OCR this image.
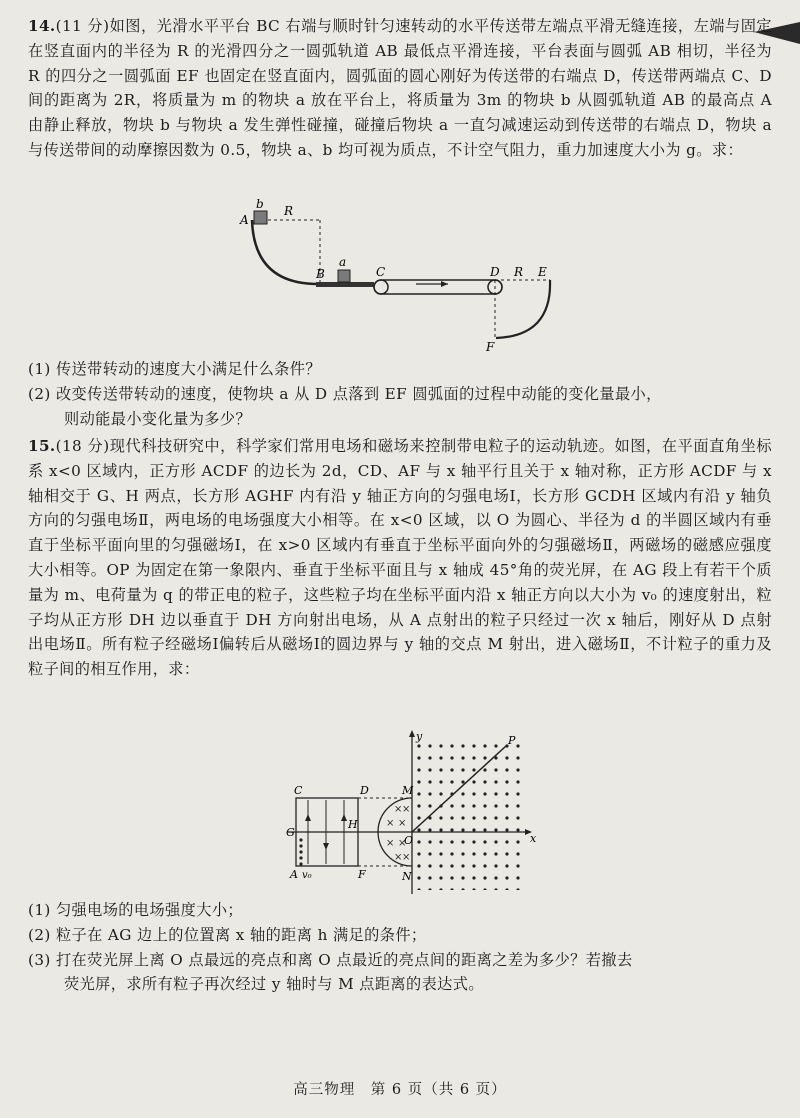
14.(11 分)如图，光滑水平平台 BC 右端与顺时针匀速转动的水平传送带左端点平滑无缝连接，左端与固定在竖直面内的半径为 R 的光滑四分之一圆弧轨道 AB 最低点平滑连接，平台表面与圆弧 AB 相切，半径为 R 的四分之一圆弧面 EF 也固定在竖直面内，圆弧面的圆心刚好为传送带的右端点 D，传送带两端点 C、D 间的距离为 2R，将质量为 m 的物块 a 放在平台上，将质量为 3m 的物块 b 从圆弧轨道 AB 的最高点 A 由静止释放，物块 b 与物块 a 发生弹性碰撞，碰撞后物块 a 一直匀减速运动到传送带的右端点 D，物块 a 与传送带间的动摩擦因数为 0.5，物块 a、b 均可视为质点，不计空气阻力，重力加速度大小为 g。求：

A
b R
B
a
C	D R E
F
(1) 传送带转动的速度大小满足什么条件？
(2) 改变传送带转动的速度，使物块 a 从 D 点落到 EF 圆弧面的过程中动能的变化量最小，
则动能最小变化量为多少？

15.(18 分)现代科技研究中，科学家们常用电场和磁场来控制带电粒子的运动轨迹。如图，在平面直角坐标系 x<0 区域内，正方形 ACDF 的边长为 2d，CD、AF 与 x 轴平行且关于 x 轴对称，正方形 ACDF 与 x 轴相交于 G、H 两点，长方形 AGHF 内有沿 y 轴正方向的匀强电场Ⅰ，长方形 GCDH 区域内有沿 y 轴负方向的匀强电场Ⅱ，两电场的电场强度大小相等。在 x<0 区域，以 O 为圆心、半径为 d 的半圆区域内有垂直于坐标平面向里的匀强磁场Ⅰ，在 x>0 区域内有垂直于坐标平面向外的匀强磁场Ⅱ，两磁场的磁感应强度大小相等。OP 为固定在第一象限内、垂直于坐标平面且与 x 轴成 45°角的荧光屏，在 AG 段上有若干个质量为 m、电荷量为 q 的带正电的粒子，这些粒子均在坐标平面内沿 x 轴正方向以大小为 v₀ 的速度射出，粒子均从正方形 DH 边以垂直于 DH 方向射出电场，从 A 点射出的粒子只经过一次 x 轴后，刚好从 D 点射出电场Ⅱ。所有粒子经磁场Ⅰ偏转后从磁场Ⅰ的圆边界与 y 轴的交点 M 射出，进入磁场Ⅱ，不计粒子的重力及粒子间的相互作用，求：

× ×
× ×
× ×
× ×
y	P
C	D	M
G
H
O	x
A v₀	F	N
(1) 匀强电场的电场强度大小；
(2) 粒子在 AG 边上的位置离 x 轴的距离 h 满足的条件；
(3) 打在荧光屏上离 O 点最远的亮点和离 O 点最近的亮点间的距离之差为多少？若撤去
荧光屏，求所有粒子再次经过 y 轴时与 M 点距离的表达式。
高三物理　第 6 页（共 6 页）
